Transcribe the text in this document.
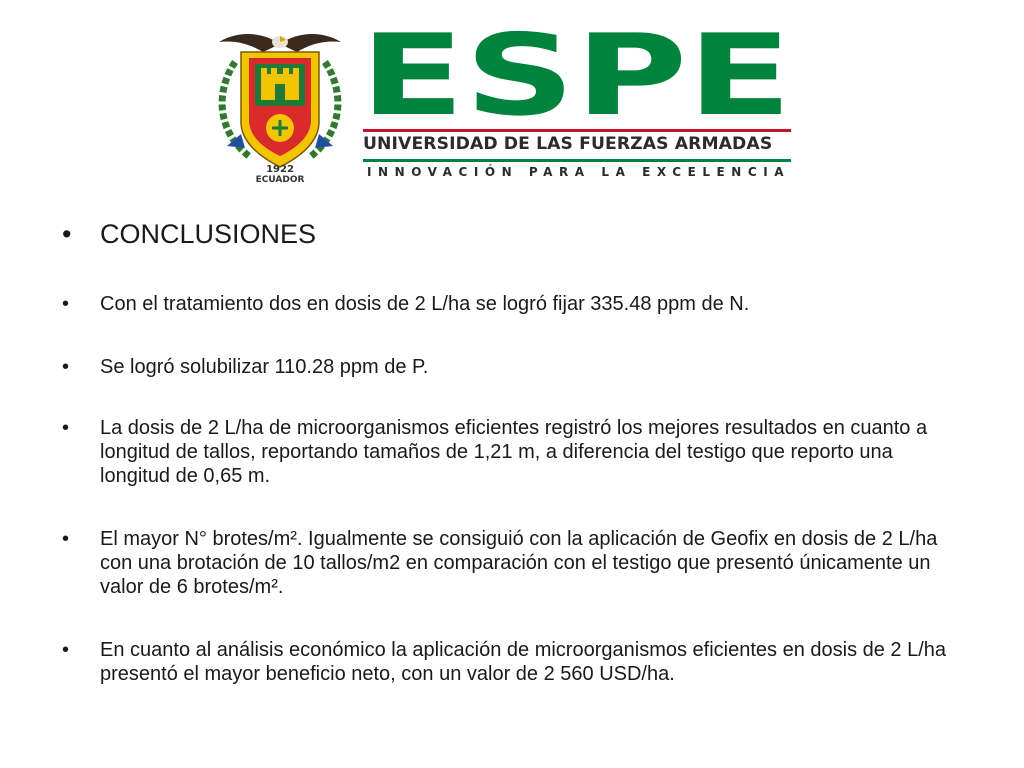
1922
ECUADOR
ESPE
UNIVERSIDAD DE LAS FUERZAS ARMADAS
INNOVACIÓN PARA LA EXCELENCIA
•	CONCLUSIONES
•	Con el tratamiento dos en dosis de 2 L/ha se logró fijar 335.48 ppm de N.
•	Se logró solubilizar 110.28 ppm de P.
•	La dosis de 2 L/ha de microorganismos eficientes registró los mejores resultados en cuanto a longitud de tallos, reportando tamaños de 1,21 m, a diferencia del testigo que reporto una longitud de 0,65 m.
•	El mayor N° brotes/m². Igualmente se consiguió con la aplicación de Geofix en dosis de 2 L/ha con una brotación de 10 tallos/m2 en comparación con el testigo que presentó únicamente un valor de 6 brotes/m².
•	En cuanto al análisis económico la aplicación de microorganismos eficientes en dosis de 2 L/ha presentó el mayor beneficio neto, con un valor de 2 560 USD/ha.
